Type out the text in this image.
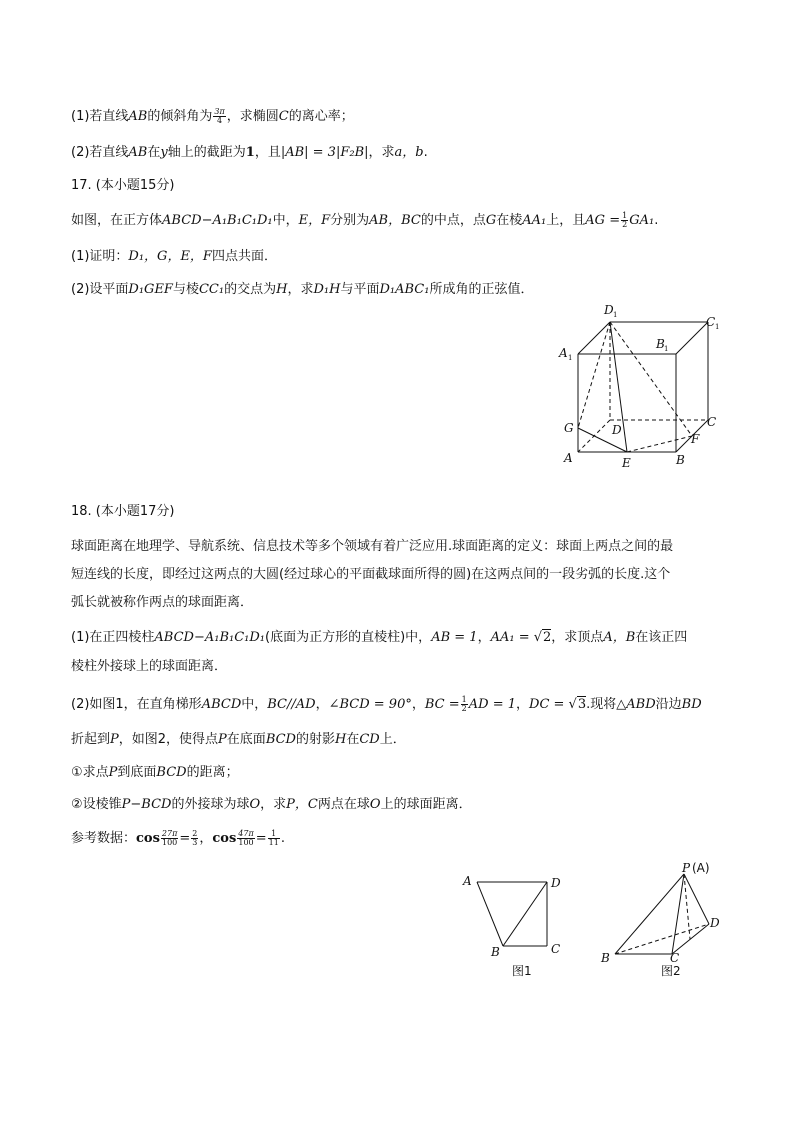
(1)若直线AB的倾斜角为 $\frac{3\pi}{4}$ ，求椭圆C的离心率；
(2)若直线AB在y轴上的截距为1，且|AB| = 3|F₂B|，求a，b.
17. (本小题15分)
如图，在正方体ABCD−A₁B₁C₁D₁中，E，F分别为AB，BC的中点，点G在棱AA₁上，且AG = $\frac{1}{2} GA_1$.
(1)证明：D₁，G，E，F四点共面．
(2)设平面D₁GEF与棱CC₁的交点为H，求D₁H与平面D₁ABC₁所成角的正弦值．
D 1	C 1
A 1
B 1
G	D
C
F
A	E	B
A	D
B	C
图1
P (A)
D
B	C
图2
18. (本小题17分)
球面距离在地理学、导航系统、信息技术等多个领域有着广泛应用.球面距离的定义：球面上两点之间的最
短连线的长度，即经过这两点的大圆(经过球心的平面截球面所得的圆)在这两点间的一段劣弧的长度.这个
弧长就被称作两点的球面距离．
(1)在正四棱柱ABCD−A₁B₁C₁D₁(底面为正方形的直棱柱)中，AB = 1，AA₁ = √2，求顶点A，B在该正四
棱柱外接球上的球面距离．
(2)如图1，在直角梯形ABCD中，BC//AD，∠BCD = 90°，BC = $\frac{1}{2}$ AD = 1，DC = √3.现将△ABD沿边BD
折起到P，如图2，使得点P在底面BCD的射影H在CD上．
①求点P到底面BCD的距离；
②设棱锥P−BCD的外接球为球O，求P，C两点在球O上的球面距离．
参考数据：$\cos \frac{27\pi}{100} = \frac{2}{3}$ ，$\cos \frac{47\pi}{100} = \frac{1}{11}$ .
